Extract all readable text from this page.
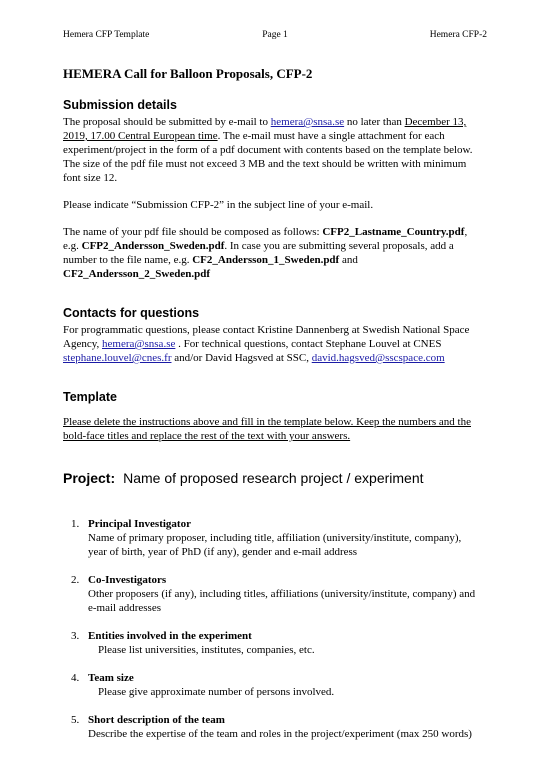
Hemera CFP Template	Page 1	Hemera CFP-2
HEMERA Call for Balloon Proposals, CFP-2
Submission details

The proposal should be submitted by e-mail to hemera@snsa.se no later than December 13, 2019, 17.00 Central European time. The e-mail must have a single attachment for each experiment/project in the form of a pdf document with contents based on the template below. The size of the pdf file must not exceed 3 MB and the text should be written with minimum font size 12.

Please indicate “Submission CFP-2” in the subject line of your e-mail.

The name of your pdf file should be composed as follows: CFP2_Lastname_Country.pdf, e.g. CFP2_Andersson_Sweden.pdf. In case you are submitting several proposals, add a number to the file name, e.g. CF2_Andersson_1_Sweden.pdf and CF2_Andersson_2_Sweden.pdf

Contacts for questions

For programmatic questions, please contact Kristine Dannenberg at Swedish National Space Agency, hemera@snsa.se . For technical questions, contact Stephane Louvel at CNES stephane.louvel@cnes.fr and/or David Hagsved at SSC, david.hagsved@sscspace.com

Template

Please delete the instructions above and fill in the template below. Keep the numbers and the bold-face titles and replace the rest of the text with your answers.

Project: Name of proposed research project / experiment
1. Principal Investigator
Name of primary proposer, including title, affiliation (university/institute, company), year of birth, year of PhD (if any), gender and e-mail address
2. Co-Investigators
Other proposers (if any), including titles, affiliations (university/institute, company) and e-mail addresses
3. Entities involved in the experiment
Please list universities, institutes, companies, etc.
4. Team size
Please give approximate number of persons involved.
5. Short description of the team
Describe the expertise of the team and roles in the project/experiment (max 250 words)
